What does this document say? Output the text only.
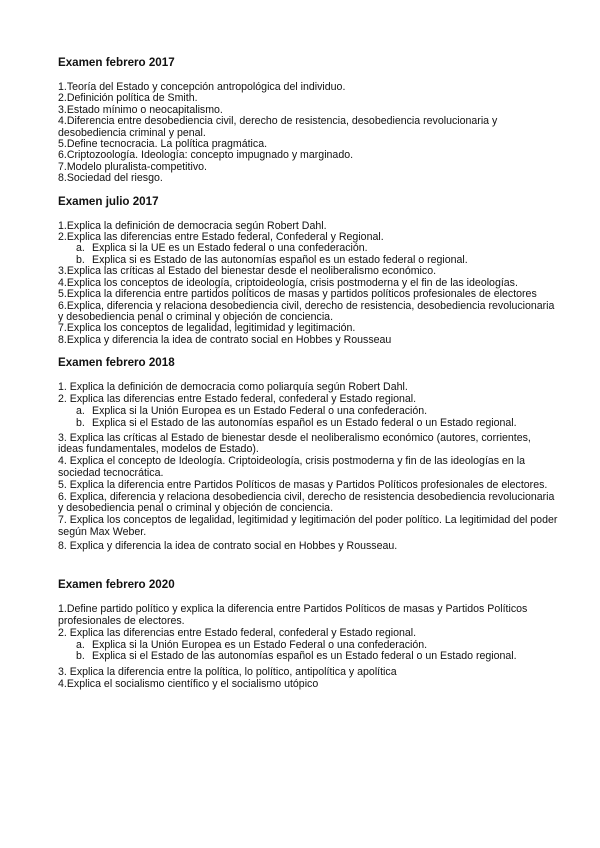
Examen febrero 2017
1.Teoría del Estado y concepción antropológica del individuo.
2.Definición política de Smith.
3.Estado mínimo o neocapitalismo.
4.Diferencia entre desobediencia civil, derecho de resistencia, desobediencia revolucionaria y desobediencia criminal y penal.
5.Define tecnocracia. La política pragmática.
6.Criptozoología. Ideología: concepto impugnado y marginado.
7.Modelo pluralista-competitivo.
8.Sociedad del riesgo.
Examen julio 2017
1.Explica la definición de democracia según Robert Dahl.
2.Explica las diferencias entre Estado federal, Confederal y Regional.
a. Explica si la UE es un Estado federal o una confederación.
b. Explica si es Estado de las autonomías español es un estado federal o regional.
3.Explica las críticas al Estado del bienestar desde el neoliberalismo económico.
4.Explica los conceptos de ideología, criptoideología, crisis postmoderna y el fin de las ideologías.
5.Explica la diferencia entre partidos políticos de masas y partidos políticos profesionales de electores
6.Explica, diferencia y relaciona desobediencia civil, derecho de resistencia, desobediencia revolucionaria y desobediencia penal o criminal y objeción de conciencia.
7.Explica los conceptos de legalidad, legitimidad y legitimación.
8.Explica y diferencia la idea de contrato social en Hobbes y Rousseau
Examen febrero 2018
1. Explica la definición de democracia como poliarquía según Robert Dahl.
2. Explica las diferencias entre Estado federal, confederal y Estado regional.
a. Explica si la Unión Europea es un Estado Federal o una confederación.
b. Explica si el Estado de las autonomías español es un Estado federal o un Estado regional.
3. Explica las críticas al Estado de bienestar desde el neoliberalismo económico (autores, corrientes, ideas fundamentales, modelos de Estado).
4. Explica el concepto de Ideología. Criptoideología, crisis postmoderna y fin de las ideologías en la sociedad tecnocrática.
5. Explica la diferencia entre Partidos Políticos de masas y Partidos Políticos profesionales de electores.
6. Explica, diferencia y relaciona desobediencia civil, derecho de resistencia desobediencia revolucionaria y desobediencia penal o criminal y objeción de conciencia.
7. Explica los conceptos de legalidad, legitimidad y legitimación del poder político. La legitimidad del poder según Max Weber.
8. Explica y diferencia la idea de contrato social en Hobbes y Rousseau.
Examen febrero 2020
1.Define partido político y explica la diferencia entre Partidos Políticos de masas y Partidos Políticos profesionales de electores.
2. Explica las diferencias entre Estado federal, confederal y Estado regional.
a. Explica si la Unión Europea es un Estado Federal o una confederación.
b. Explica si el Estado de las autonomías español es un Estado federal o un Estado regional.
3. Explica la diferencia entre la política, lo político, antipolítica y apolítica
4.Explica el socialismo científico y el socialismo utópico
